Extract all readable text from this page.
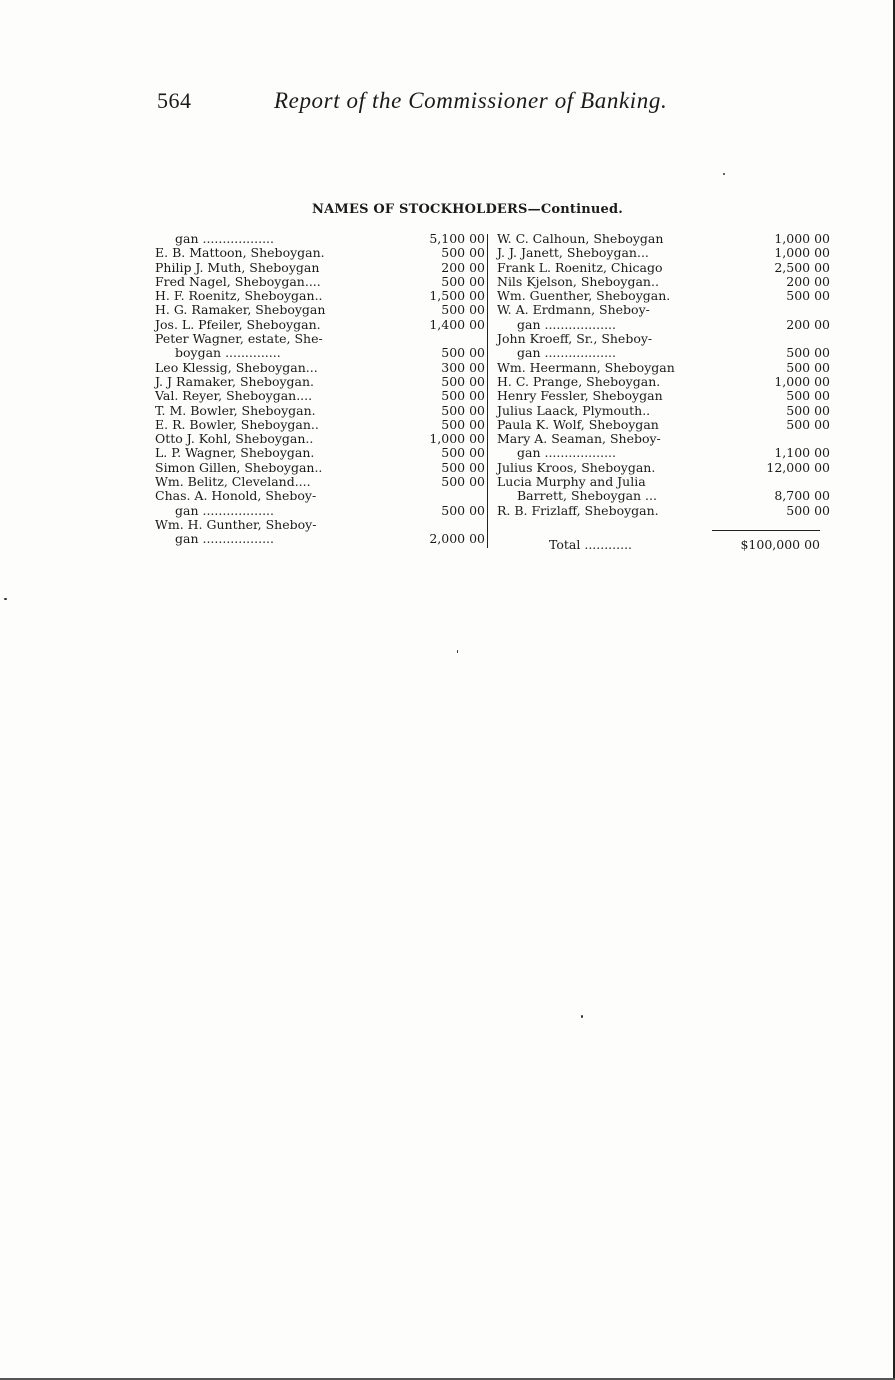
564	Report of the Commissioner of Banking.
NAMES OF STOCKHOLDERS—Continued.
gan ..................	5,100 00
E. B. Mattoon, Sheboygan.	500 00
Philip J. Muth, Sheboygan	200 00
Fred Nagel, Sheboygan....	500 00
H. F. Roenitz, Sheboygan..	1,500 00
H. G. Ramaker, Sheboygan	500 00
Jos. L. Pfeiler, Sheboygan.	1,400 00
Peter Wagner, estate, She-
boygan ..............	500 00
Leo Klessig, Sheboygan...	300 00
J. J Ramaker, Sheboygan.	500 00
Val. Reyer, Sheboygan....	500 00
T. M. Bowler, Sheboygan.	500 00
E. R. Bowler, Sheboygan..	500 00
Otto J. Kohl, Sheboygan..	1,000 00
L. P. Wagner, Sheboygan.	500 00
Simon Gillen, Sheboygan..	500 00
Wm. Belitz, Cleveland....	500 00
Chas. A. Honold, Sheboy-
gan ..................	500 00
Wm. H. Gunther, Sheboy-
gan ..................	2,000 00
W. C. Calhoun, Sheboygan	1,000 00
J. J. Janett, Sheboygan...	1,000 00
Frank L. Roenitz, Chicago	2,500 00
Nils Kjelson, Sheboygan..	200 00
Wm. Guenther, Sheboygan.	500 00
W. A. Erdmann, Sheboy-
gan ..................	200 00
John Kroeff, Sr., Sheboy-
gan ..................	500 00
Wm. Heermann, Sheboygan	500 00
H. C. Prange, Sheboygan.	1,000 00
Henry Fessler, Sheboygan	500 00
Julius Laack, Plymouth..	500 00
Paula K. Wolf, Sheboygan	500 00
Mary A. Seaman, Sheboy-
gan ..................	1,100 00
Julius Kroos, Sheboygan.	12,000 00
Lucia Murphy and Julia
Barrett, Sheboygan ...	8,700 00
R. B. Frizlaff, Sheboygan.	500 00
Total ............	$100,000 00
